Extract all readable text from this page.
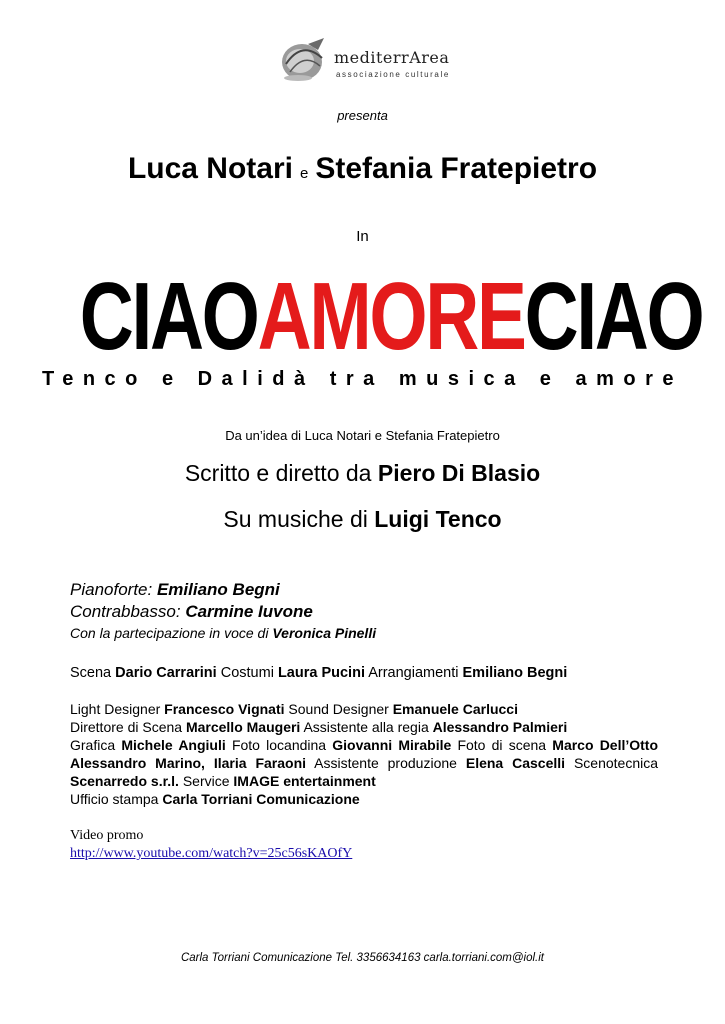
mediterrArea
associazione culturale
presenta
Luca Notari e Stefania Fratepietro
In
CIAOAMORECIAO
Tenco e Dalidà tra musica e amore
Da un’idea di Luca Notari e Stefania Fratepietro
Scritto e diretto da Piero Di Blasio
Su musiche di Luigi Tenco
Pianoforte: Emiliano Begni
Contrabbasso: Carmine Iuvone
Con la partecipazione in voce di Veronica Pinelli
Scena Dario Carrarini Costumi Laura Pucini Arrangiamenti Emiliano Begni
Light Designer Francesco Vignati Sound Designer Emanuele Carlucci
Direttore di Scena Marcello Maugeri Assistente alla regia Alessandro Palmieri
Grafica Michele Angiuli Foto locandina Giovanni Mirabile Foto di scena Marco Dell’Otto Alessandro Marino, Ilaria Faraoni Assistente produzione Elena Cascelli Scenotecnica Scenarredo s.r.l. Service IMAGE entertainment
Ufficio stampa Carla Torriani Comunicazione
Video promo
http://www.youtube.com/watch?v=25c56sKAOfY
Carla Torriani Comunicazione Tel. 3356634163 carla.torriani.com@iol.it
